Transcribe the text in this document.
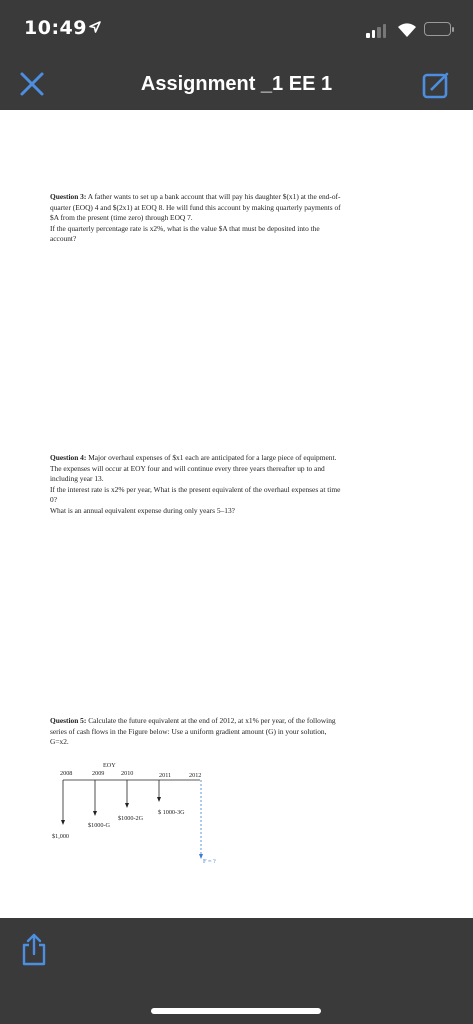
10:49
Assignment _1 EE 1

Question 3: A father wants to set up a bank account that will pay his daughter $(x1) at the end-of-

quarter (EOQ) 4 and $(2x1) at EOQ 8. He will fund this account by making quarterly payments of

$A from the present (time zero) through EOQ 7.

If the quarterly percentage rate is x2%, what is the value $A that must be deposited into the

account?

Question 4: Major overhaul expenses of $x1 each are anticipated for a large piece of equipment.

The expenses will occur at EOY four and will continue every three years thereafter up to and

including year 13.

If the interest rate is x2% per year, What is the present equivalent of the overhaul expenses at time

0?

What is an annual equivalent expense during only years 5–13?

Question 5: Calculate the future equivalent at the end of 2012, at x1% per year, of the following

series of cash flows in the Figure below: Use a uniform gradient amount (G) in your solution,

G=x2.

EOY
2008	2009	2010	2011	2012
$1,000
$1000-G
$1000-2G
$ 1000-3G
F = ?
